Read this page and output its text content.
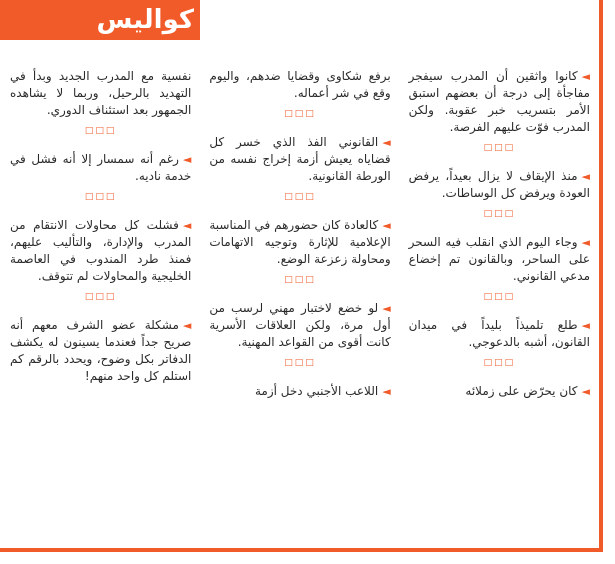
كواليس

◄كانوا واثقين أن المدرب سيفجر مفاجأة إلى درجة أن بعضهم استبق الأمر بتسريب خبر عقوبة. ولكن المدرب فوّت عليهم الفرصة.

□□□

◄منذ الإيقاف لا يزال بعيداً، يرفض العودة ويرفض كل الوساطات.

□□□

◄وجاء اليوم الذي انقلب فيه السحر على الساحر، وبالقانون تم إخضاع مدعي القانوني.

□□□

◄طلع تلميذاً بليداً في ميدان القانون، أشبه بالدعوجي.

□□□

◄كان يحرّض على زملائه

برفع شكاوى وقضايا ضدهم، واليوم وقع في شر أعماله.

□□□

◄القانوني الفذ الذي خسر كل قضاياه يعيش أزمة إخراج نفسه من الورطة القانونية.

□□□

◄كالعادة كان حضورهم في المناسبة الإعلامية للإثارة وتوجيه الاتهامات ومحاولة زعزعة الوضع.

□□□

◄لو خضع لاختبار مهني لرسب من أول مرة، ولكن العلاقات الأسرية كانت أقوى من القواعد المهنية.

□□□

◄اللاعب الأجنبي دخل أزمة

نفسية مع المدرب الجديد وبدأ في التهديد بالرحيل، وربما لا يشاهده الجمهور بعد استئناف الدوري.

□□□

◄رغم أنه سمسار إلا أنه فشل في خدمة ناديه.

□□□

◄فشلت كل محاولات الانتقام من المدرب والإدارة، والتأليب عليهم، فمنذ طرد المندوب في العاصمة الخليجية والمحاولات لم تتوقف.

□□□

◄مشكلة عضو الشرف معهم أنه صريح جداً فعندما يسينون له يكشف الدفاتر بكل وضوح، ويحدد بالرقم كم استلم كل واحد منهم!
